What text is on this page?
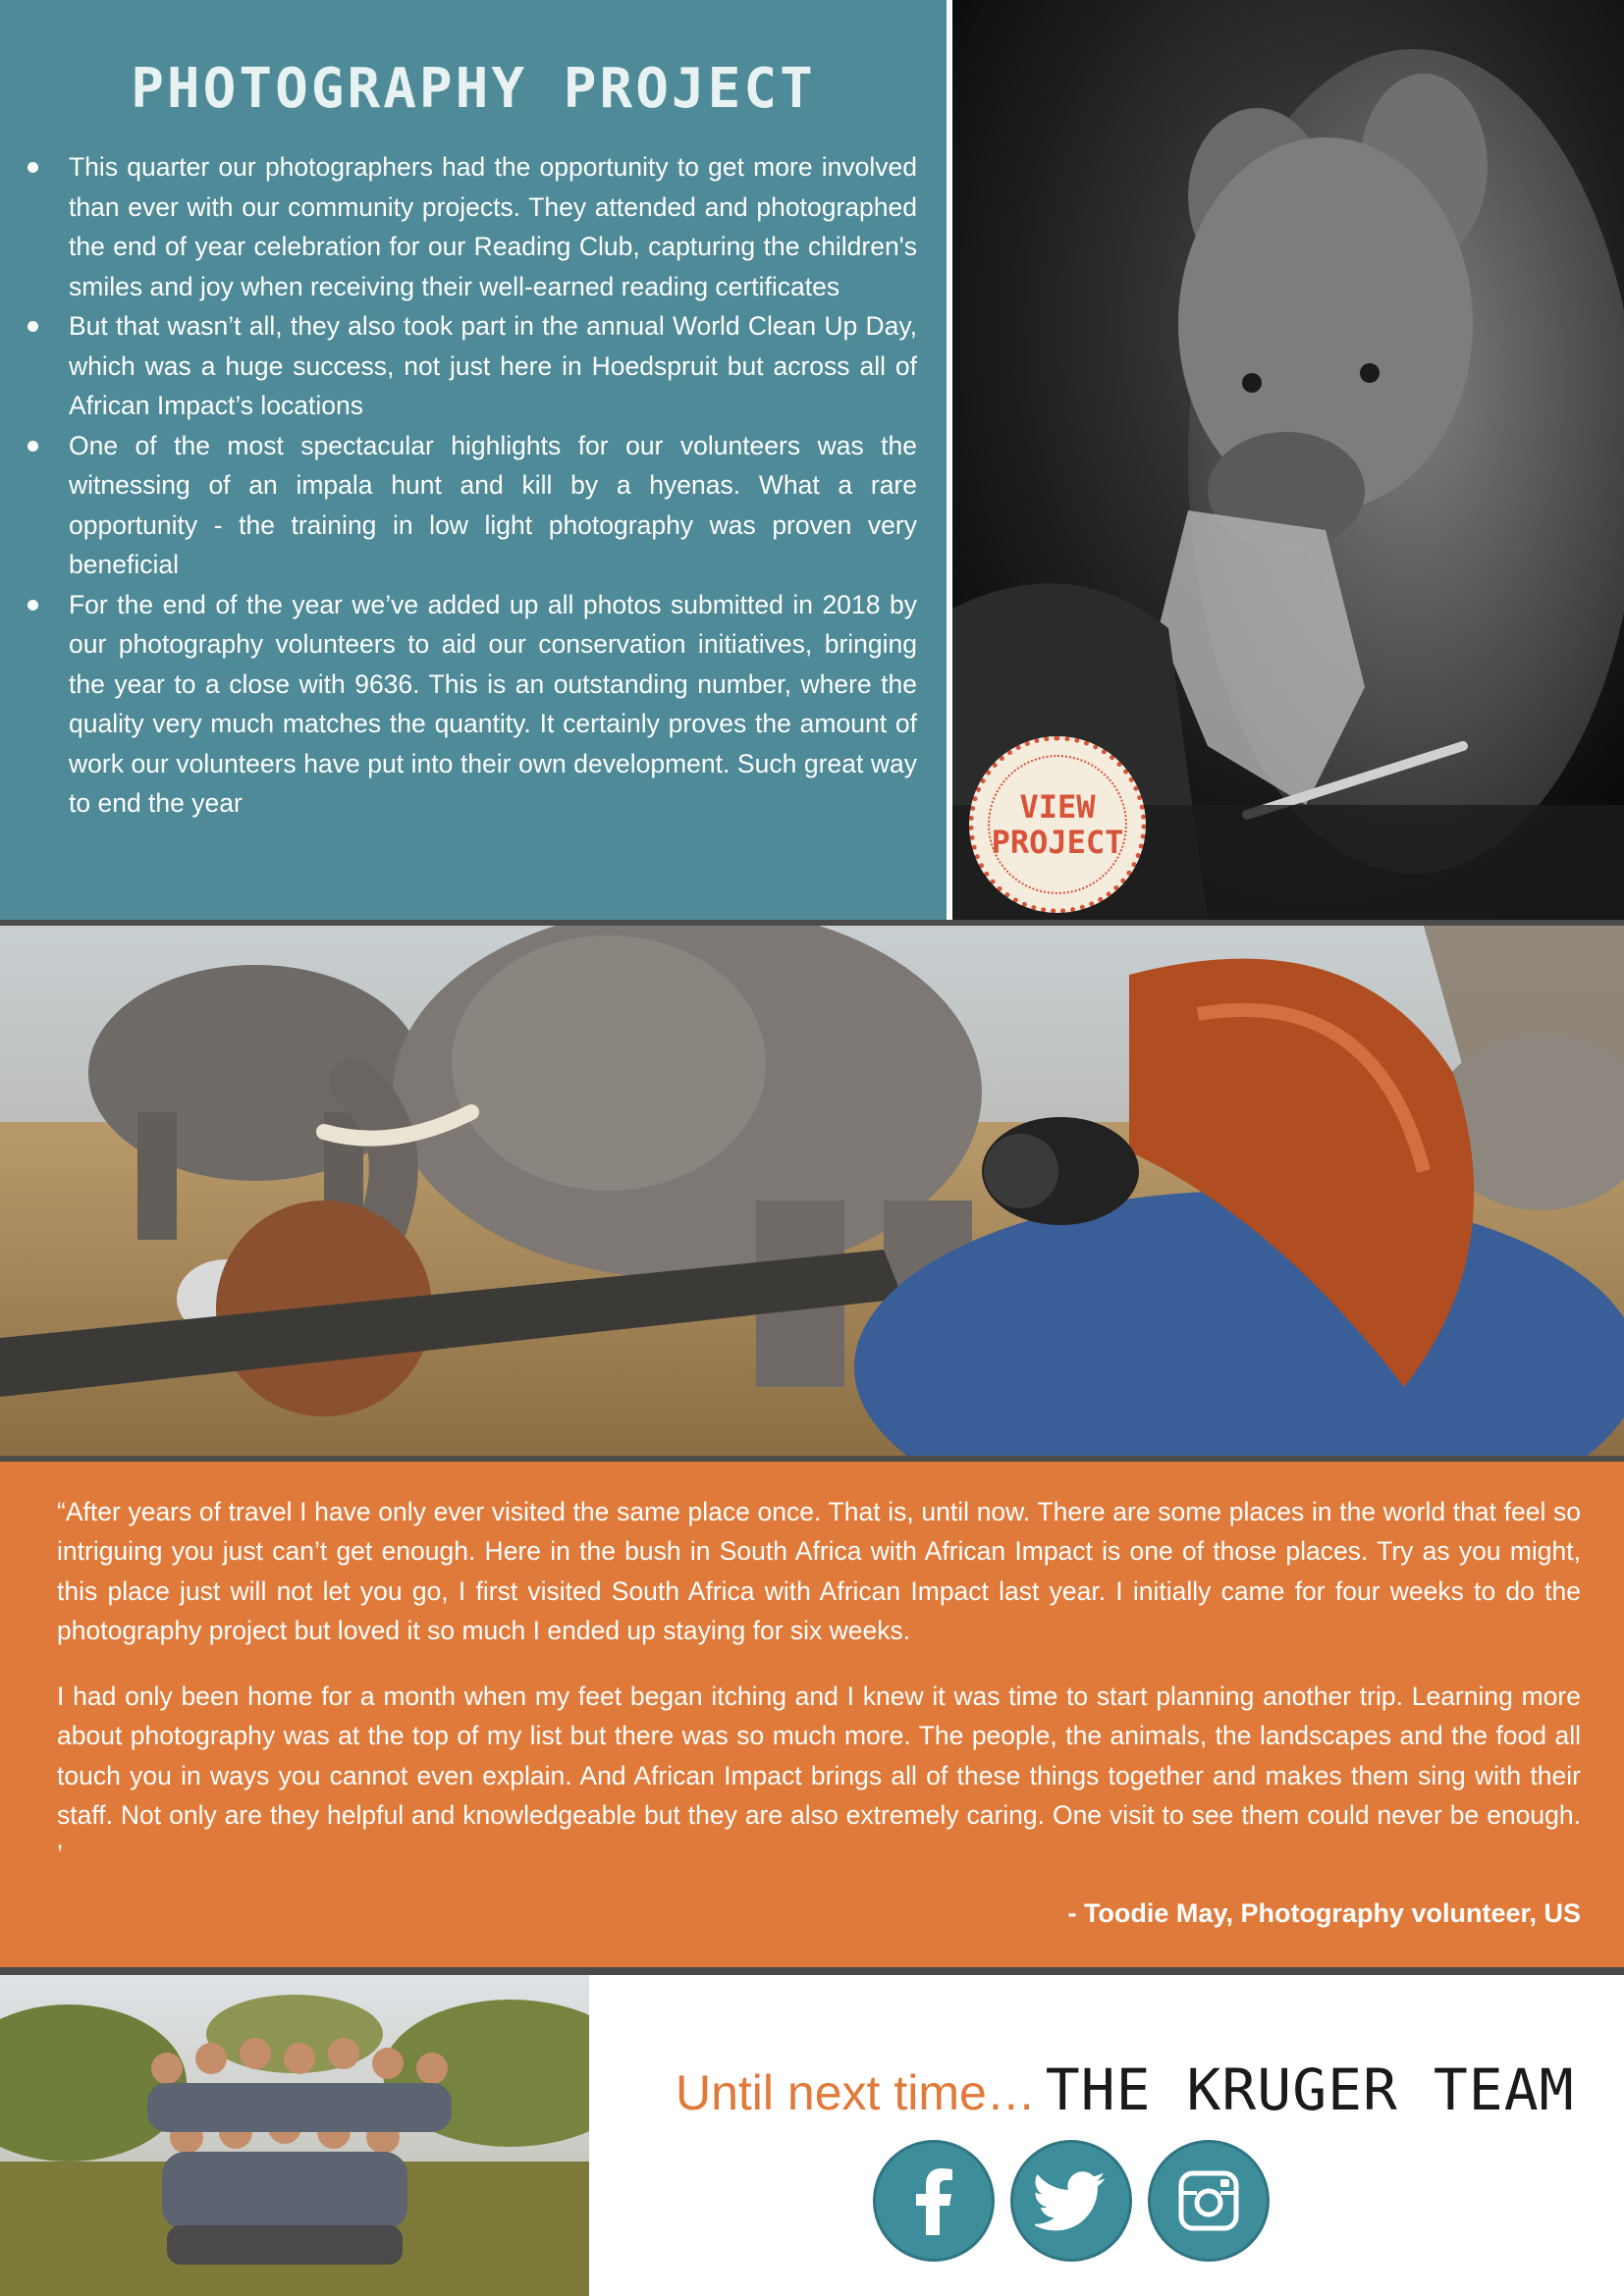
PHOTOGRAPHY PROJECT
This quarter our photographers had the opportunity to get more involved than ever with our community projects. They attended and photographed the end of year celebration for our Reading Club, capturing the children's smiles and joy when receiving their well-earned reading certificates
But that wasn’t all, they also took part in the annual World Clean Up Day, which was a huge success, not just here in Hoedspruit but across all of African Impact’s locations
One of the most spectacular highlights for our volunteers was the witnessing of an impala hunt and kill by a hyenas. What a rare opportunity - the training in low light photography was proven very beneficial
For the end of the year we’ve added up all photos submitted in 2018 by our photography volunteers to aid our conservation initiatives, bringing the year to a close with 9636. This is an outstanding number, where the quality very much matches the quantity. It certainly proves the amount of work our volunteers have put into their own development. Such great way to end the year	VIEW
PROJECT

“After years of travel I have only ever visited the same place once. That is, until now. There are some places in the world that feel so intriguing you just can’t get enough. Here in the bush in South Africa with African Impact is one of those places. Try as you might, this place just will not let you go, I first visited South Africa with African Impact last year. I initially came for four weeks to do the photography project but loved it so much I ended up staying for six weeks.

I had only been home for a month when my feet began itching and I knew it was time to start planning another trip. Learning more about photography was at the top of my list but there was so much more. The people, the animals, the landscapes and the food all touch you in ways you cannot even explain. And African Impact brings all of these things together and makes them sing with their staff. Not only are they helpful and knowledgeable but they are also extremely caring. One visit to see them could never be enough. ’

- Toodie May, Photography volunteer, US
Until next time… THE KRUGER TEAM
